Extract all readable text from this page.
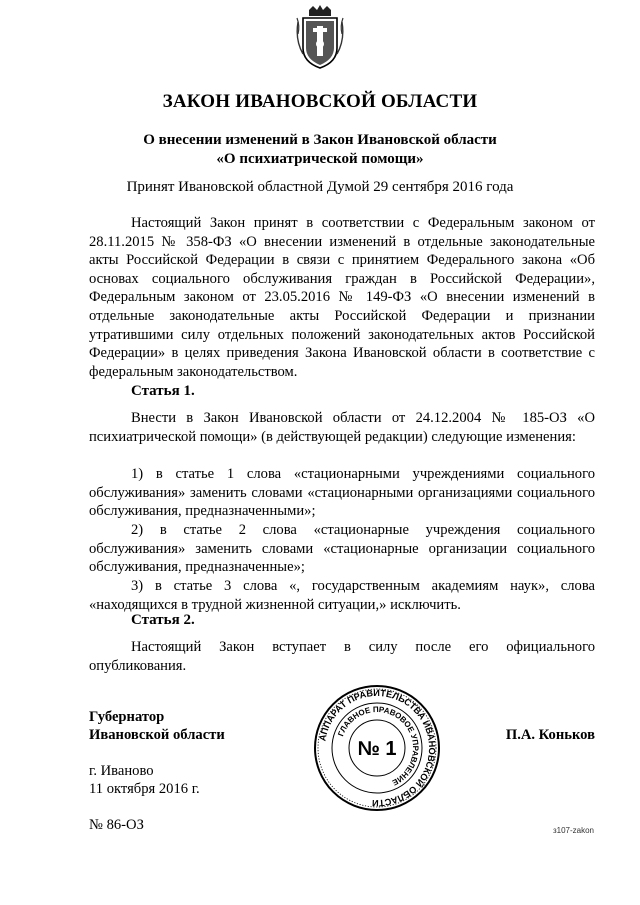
ЗАКОН ИВАНОВСКОЙ ОБЛАСТИ
О внесении изменений в Закон Ивановской области
«О психиатрической помощи»
Принят Ивановской областной Думой 29 сентября 2016 года
Настоящий Закон принят в соответствии с Федеральным законом от 28.11.2015 № 358-ФЗ «О внесении изменений в отдельные законодательные акты Российской Федерации в связи с принятием Федерального закона «Об основах социального обслуживания граждан в Российской Федерации», Федеральным законом от 23.05.2016 № 149-ФЗ «О внесении изменений в отдельные законодательные акты Российской Федерации и признании утратившими силу отдельных положений законодательных актов Российской Федерации» в целях приведения Закона Ивановской области в соответствие с федеральным законодательством.
Статья 1.
Внести в Закон Ивановской области от 24.12.2004 № 185-ОЗ «О психиатрической помощи» (в действующей редакции) следующие изменения:
1) в статье 1 слова «стационарными учреждениями социального обслуживания» заменить словами «стационарными организациями социального обслуживания, предназначенными»;
2) в статье 2 слова «стационарные учреждения социального обслуживания» заменить словами «стационарные организации социального обслуживания, предназначенные»;
3) в статье 3 слова «, государственным академиям наук», слова «находящихся в трудной жизненной ситуации,» исключить.
Статья 2.
Настоящий Закон вступает в силу после его официального опубликования.
Губернатор
Ивановской области	П.А. Коньков
г. Иваново
11 октября 2016 г.
№ 86-ОЗ	з107-zakon
АППАРАТ ПРАВИТЕЛЬСТВА ИВАНОВСКОЙ ОБЛАСТИ
ГЛАВНОЕ ПРАВОВОЕ УПРАВЛЕНИЕ
№ 1
